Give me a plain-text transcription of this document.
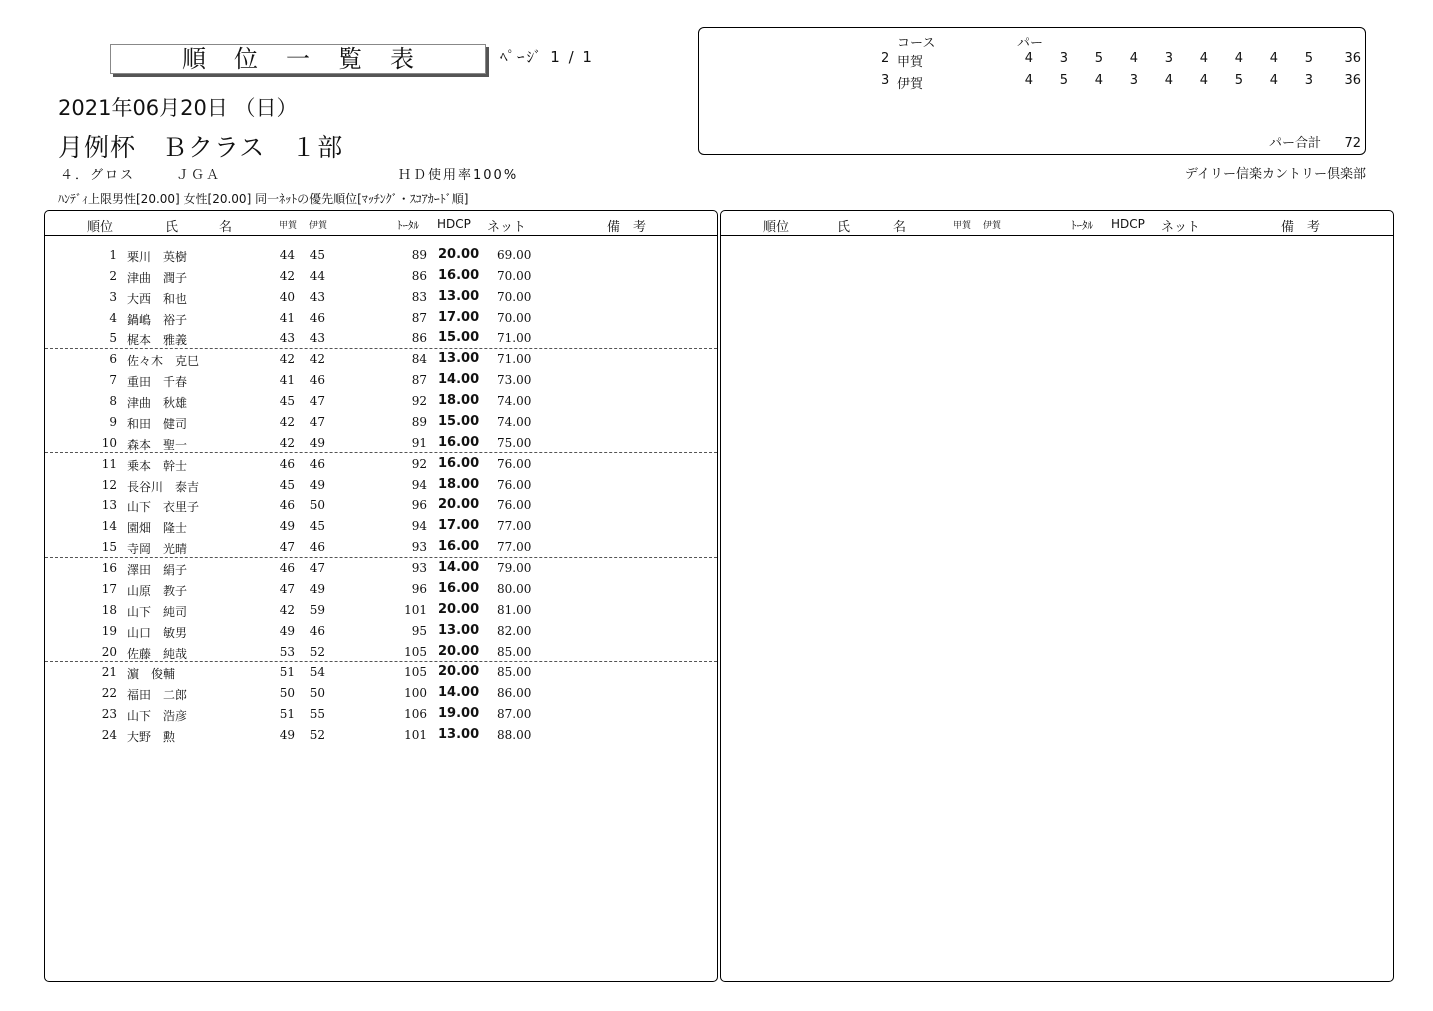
順位一覧表	ﾍﾟｰｼﾞ 1 / 1
2021年06月20日 （日）
月例杯　Ｂクラス　１部
４．グロス	ＪＧＡ	ＨＤ使用率100%	デイリー信楽カントリー倶楽部
ﾊﾝﾃﾞｨ上限男性[20.00] 女性[20.00] 同一ﾈｯﾄの優先順位[ﾏｯﾁﾝｸﾞ・ｽｺｱｶｰﾄﾞ順]
コース	パー
2 甲賀	4	3	5	4	3	4	4	4	5 36
3 伊賀	4	5	4	3	4	4	5	4	3 36
パー合計 72
順位	氏	名	甲賀 伊賀	ﾄｰﾀﾙ HDCP ネット	備　考
1 栗川　英樹	44	45	89 20.00 69.00
2 津曲　潤子	42	44	86 16.00 70.00
3 大西　和也	40	43	83 13.00 70.00
4 鍋嶋　裕子	41	46	87 17.00 70.00
5 梶本　雅義	43	43	86 15.00 71.00
6 佐々木　克巳	42	42	84 13.00 71.00
7 重田　千春	41	46	87 14.00 73.00
8 津曲　秋雄	45	47	92 18.00 74.00
9 和田　健司	42	47	89 15.00 74.00
10 森本　聖一	42	49	91 16.00 75.00
11 乗本　幹士	46	46	92 16.00 76.00
12 長谷川　泰吉	45	49	94 18.00 76.00
13 山下　衣里子	46	50	96 20.00 76.00
14 園畑　隆士	49	45	94 17.00 77.00
15 寺岡　光晴	47	46	93 16.00 77.00
16 澤田　絹子	46	47	93 14.00 79.00
17 山原　教子	47	49	96 16.00 80.00
18 山下　純司	42	59	101 20.00 81.00
19 山口　敏男	49	46	95 13.00 82.00
20 佐藤　純哉	53	52	105 20.00 85.00
21 濵　俊輔	51	54	105 20.00 85.00
22 福田　二郎	50	50	100 14.00 86.00
23 山下　浩彦	51	55	106 19.00 87.00
24 大野　勲	49	52	101 13.00 88.00
順位	氏	名	甲賀 伊賀	ﾄｰﾀﾙ HDCP ネット	備　考
